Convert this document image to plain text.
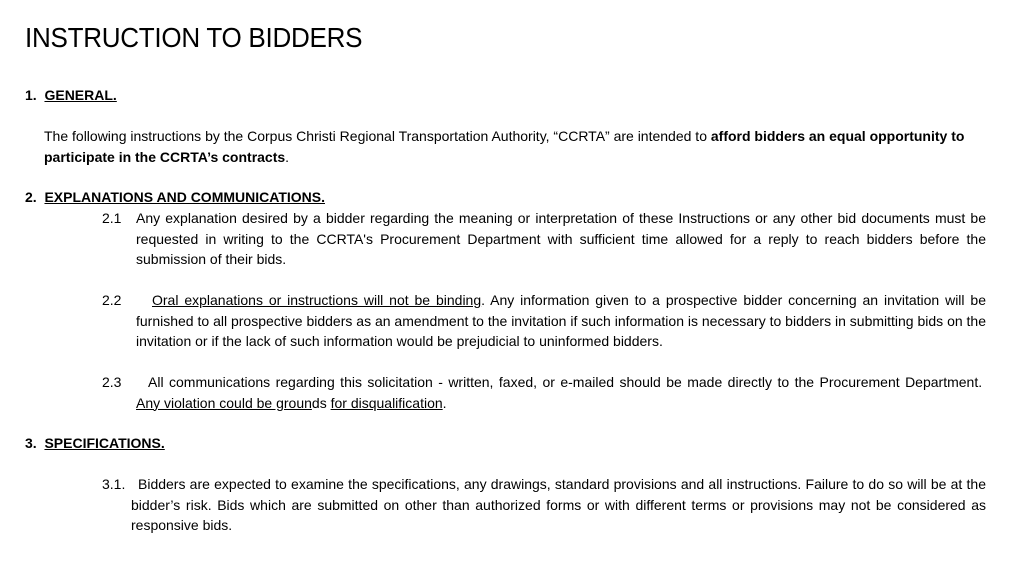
INSTRUCTION TO BIDDERS
1. GENERAL.
The following instructions by the Corpus Christi Regional Transportation Authority, “CCRTA” are intended to afford bidders an equal opportunity to participate in the CCRTA’s contracts.
2. EXPLANATIONS AND COMMUNICATIONS.
2.1 Any explanation desired by a bidder regarding the meaning or interpretation of these Instructions or any other bid documents must be requested in writing to the CCRTA's Procurement Department with sufficient time allowed for a reply to reach bidders before the submission of their bids.
2.2	Oral explanations or instructions will not be binding. Any information given to a prospective bidder concerning an invitation will be furnished to all prospective bidders as an amendment to the invitation if such information is necessary to bidders in submitting bids on the invitation or if the lack of such information would be prejudicial to uninformed bidders.
2.3	All communications regarding this solicitation - written, faxed, or e-mailed should be made directly to the Procurement Department.  Any violation could be grounds for disqualification.
3. SPECIFICATIONS.
3.1. Bidders are expected to examine the specifications, any drawings, standard provisions and all instructions. Failure to do so will be at the bidder’s risk. Bids which are submitted on other than authorized forms or with different terms or provisions may not be considered as responsive bids.
